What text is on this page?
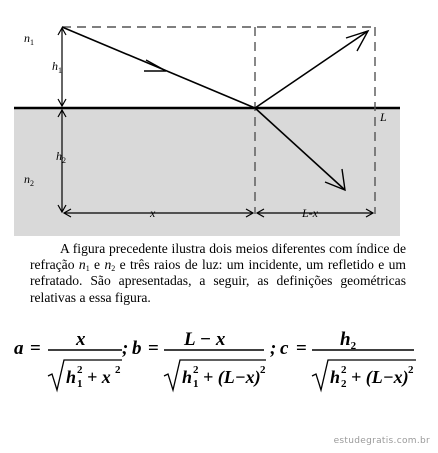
$n_1$
$h_1$
$h_2$
$n_2$
x	L-x
L
A figura precedente ilustra dois meios diferentes com índice de refração $n_1$ e $n_2$ e três raios de luz: um incidente, um refletido e um refratado. São apresentadas, a seguir, as definições geométricas relativas a essa figura.
a = x
h 2
1 + x 2
; b = L − x
h 2
1 + (L−x) 2
; $c = h_2$
h 2
2 + (L−x) 2
estudegratis.com.br
